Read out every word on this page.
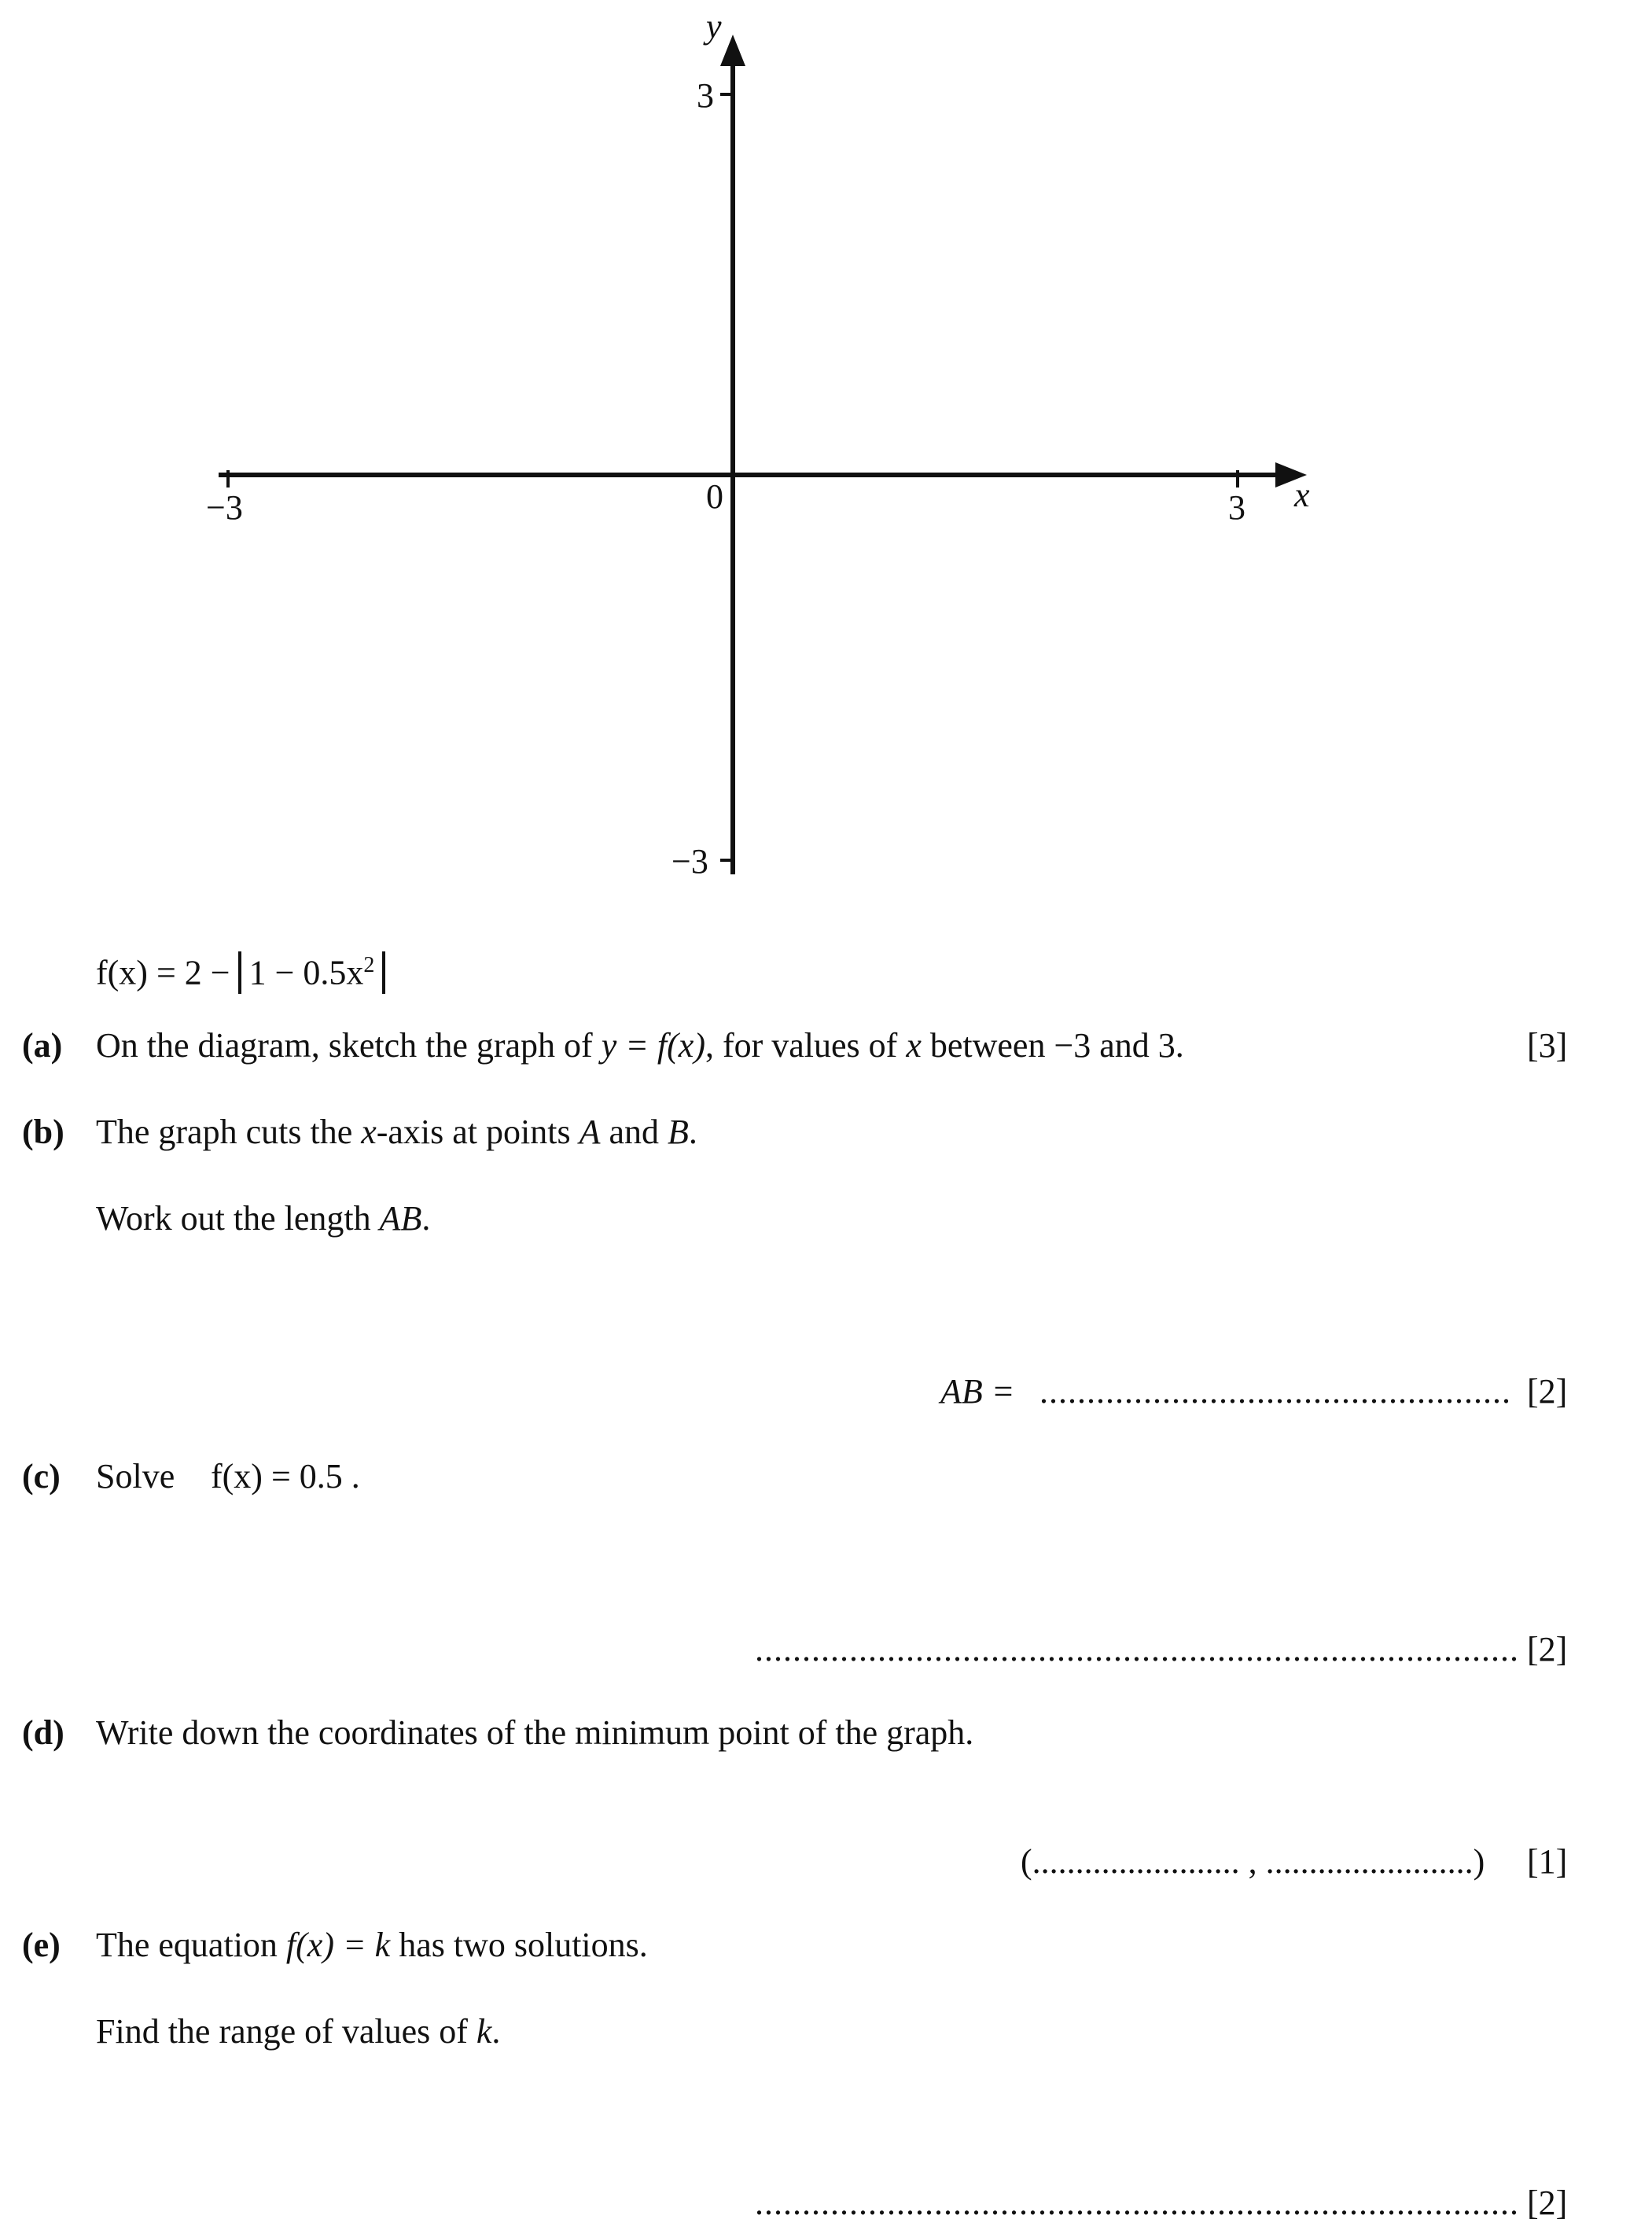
y
x
3
−3
−3	3
0
$f(x) = 2 - 1 - 0.5x^2$
(a) On the diagram, sketch the graph of y = f(x), for values of x between −3 and 3.	[3]
(b) The graph cuts the x-axis at points A and B.
Work out the length AB.
AB = .................................................. [2]
(c) Solve f(x) = 0.5 .
................................................................................. [2]
(d) Write down the coordinates of the minimum point of the graph.
(........................ , ........................) [1]
(e) The equation f(x) = k has two solutions.
Find the range of values of k.
................................................................................. [2]
